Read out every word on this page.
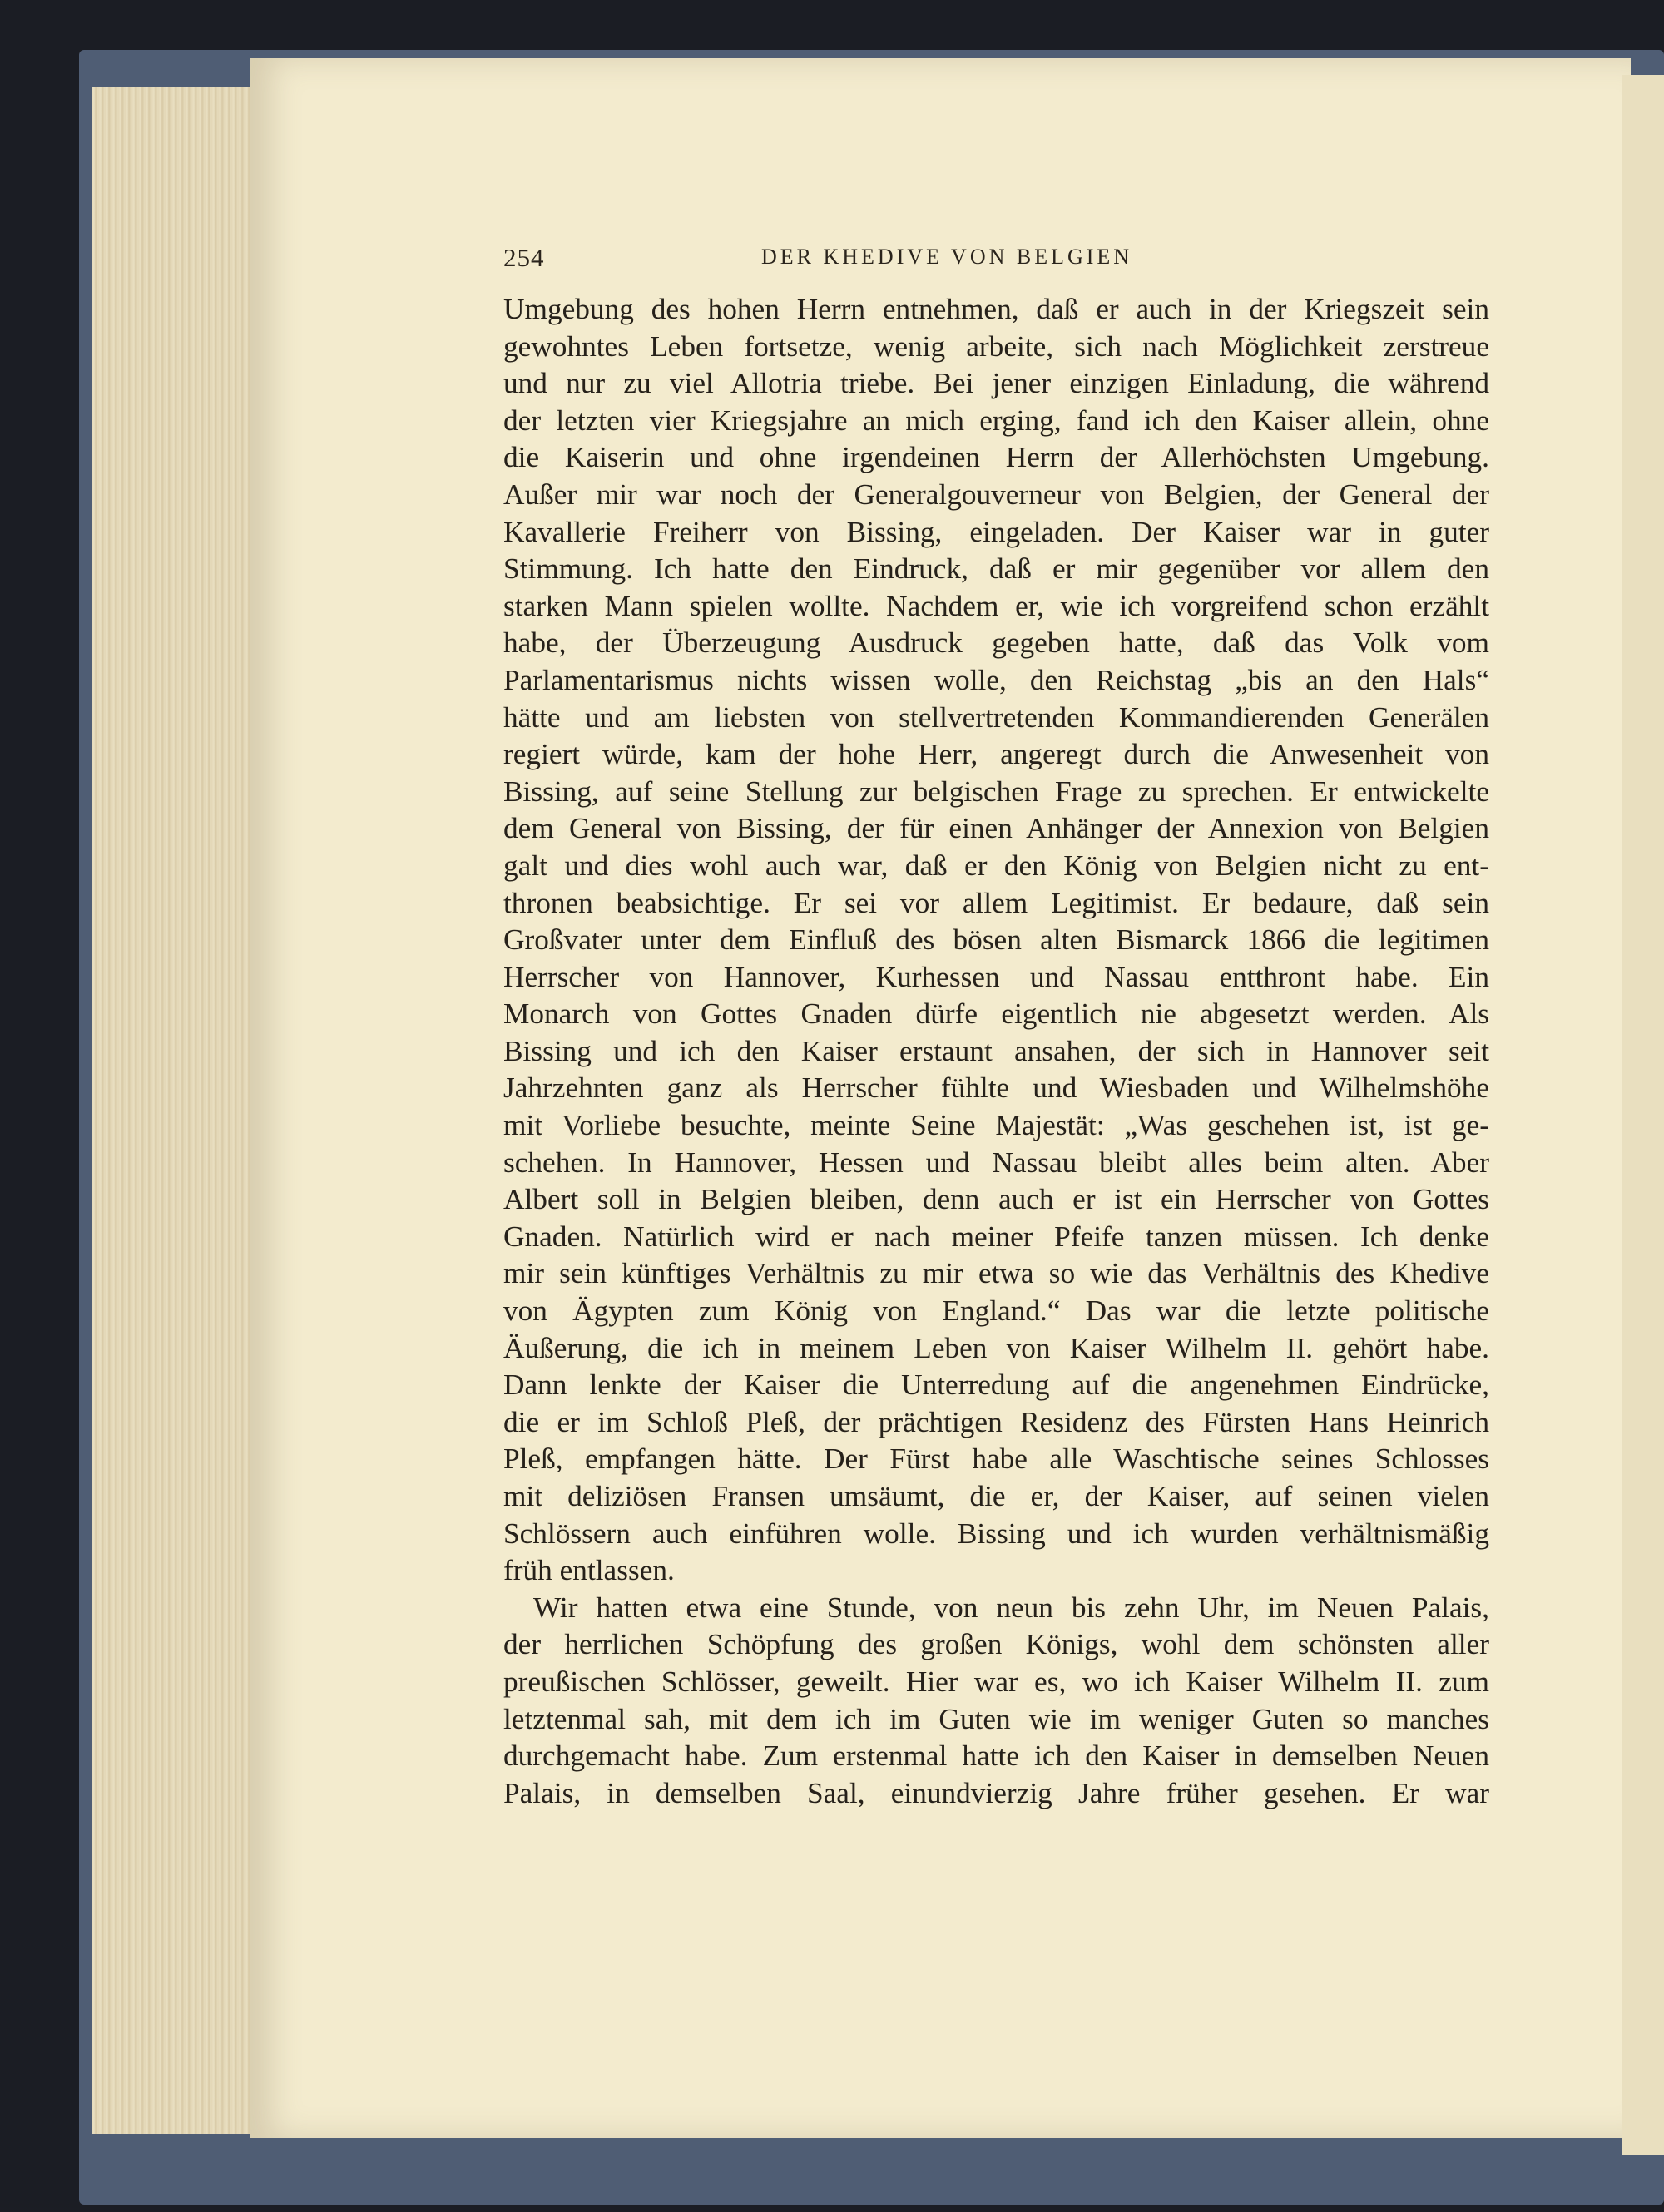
254	DER KHEDIVE VON BELGIEN
Umgebung des hohen Herrn entnehmen, daß er auch in der Kriegszeit sein
gewohntes Leben fortsetze, wenig arbeite, sich nach Möglichkeit zerstreue
und nur zu viel Allotria triebe. Bei jener einzigen Einladung, die während
der letzten vier Kriegsjahre an mich erging, fand ich den Kaiser allein, ohne
die Kaiserin und ohne irgendeinen Herrn der Allerhöchsten Umgebung.
Außer mir war noch der Generalgouverneur von Belgien, der General der
Kavallerie Freiherr von Bissing, eingeladen. Der Kaiser war in guter
Stimmung. Ich hatte den Eindruck, daß er mir gegenüber vor allem den
starken Mann spielen wollte. Nachdem er, wie ich vorgreifend schon erzählt
habe, der Überzeugung Ausdruck gegeben hatte, daß das Volk vom
Parlamentarismus nichts wissen wolle, den Reichstag „bis an den Hals“
hätte und am liebsten von stellvertretenden Kommandierenden Generälen
regiert würde, kam der hohe Herr, angeregt durch die Anwesenheit von
Bissing, auf seine Stellung zur belgischen Frage zu sprechen. Er entwickelte
dem General von Bissing, der für einen Anhänger der Annexion von Belgien
galt und dies wohl auch war, daß er den König von Belgien nicht zu ent-
thronen beabsichtige. Er sei vor allem Legitimist. Er bedaure, daß sein
Großvater unter dem Einfluß des bösen alten Bismarck 1866 die legitimen
Herrscher von Hannover, Kurhessen und Nassau entthront habe. Ein
Monarch von Gottes Gnaden dürfe eigentlich nie abgesetzt werden. Als
Bissing und ich den Kaiser erstaunt ansahen, der sich in Hannover seit
Jahrzehnten ganz als Herrscher fühlte und Wiesbaden und Wilhelmshöhe
mit Vorliebe besuchte, meinte Seine Majestät: „Was geschehen ist, ist ge-
schehen. In Hannover, Hessen und Nassau bleibt alles beim alten. Aber
Albert soll in Belgien bleiben, denn auch er ist ein Herrscher von Gottes
Gnaden. Natürlich wird er nach meiner Pfeife tanzen müssen. Ich denke
mir sein künftiges Verhältnis zu mir etwa so wie das Verhältnis des Khedive
von Ägypten zum König von England.“ Das war die letzte politische
Äußerung, die ich in meinem Leben von Kaiser Wilhelm II. gehört habe.
Dann lenkte der Kaiser die Unterredung auf die angenehmen Eindrücke,
die er im Schloß Pleß, der prächtigen Residenz des Fürsten Hans Heinrich
Pleß, empfangen hätte. Der Fürst habe alle Waschtische seines Schlosses
mit deliziösen Fransen umsäumt, die er, der Kaiser, auf seinen vielen
Schlössern auch einführen wolle. Bissing und ich wurden verhältnismäßig
früh entlassen.
Wir hatten etwa eine Stunde, von neun bis zehn Uhr, im Neuen Palais,
der herrlichen Schöpfung des großen Königs, wohl dem schönsten aller
preußischen Schlösser, geweilt. Hier war es, wo ich Kaiser Wilhelm II. zum
letztenmal sah, mit dem ich im Guten wie im weniger Guten so manches
durchgemacht habe. Zum erstenmal hatte ich den Kaiser in demselben Neuen
Palais, in demselben Saal, einundvierzig Jahre früher gesehen. Er war
